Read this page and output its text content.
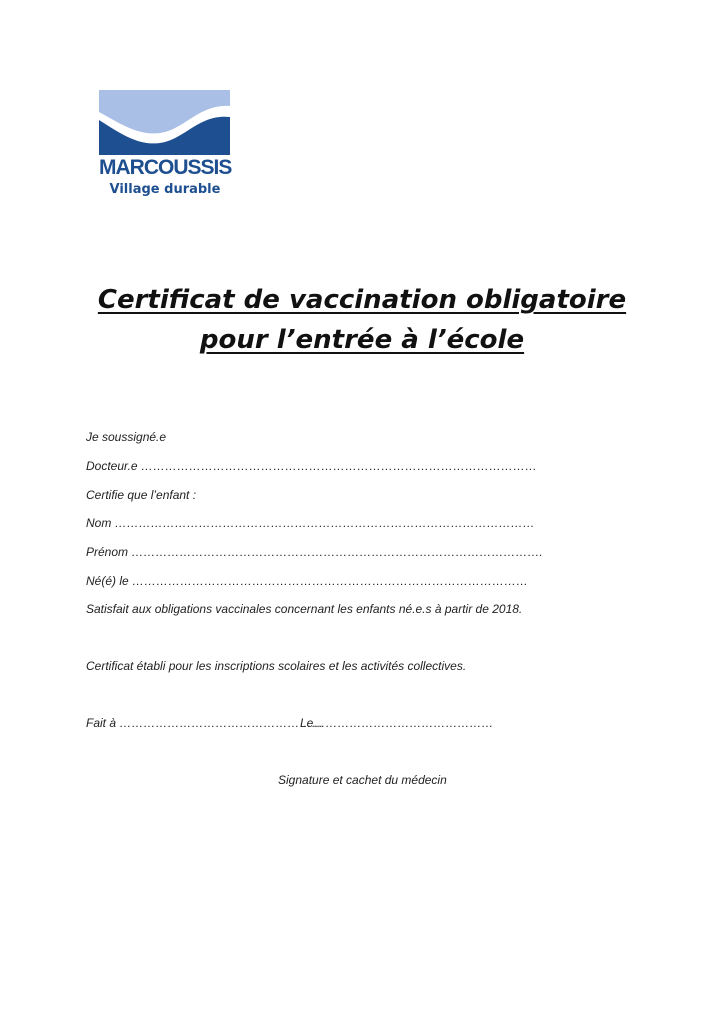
MARCOUSSIS
Village durable
Certificat de vaccination obligatoire
pour l’entrée à l’école
Je soussigné.e
Docteur.e ………………………………………………………………………………………
Certifie que l’enfant :
Nom ……………………………………………………………………………………………
Prénom ………………………………………………………………………………………….
Né(é) le ………………………………………………………………………………………
Satisfait aux obligations vaccinales concernant les enfants né.e.s à partir de 2018.
Certificat établi pour les inscriptions scolaires et les activités collectives.
Fait à ……………………………………………
Le………………………………………
Signature et cachet du médecin
